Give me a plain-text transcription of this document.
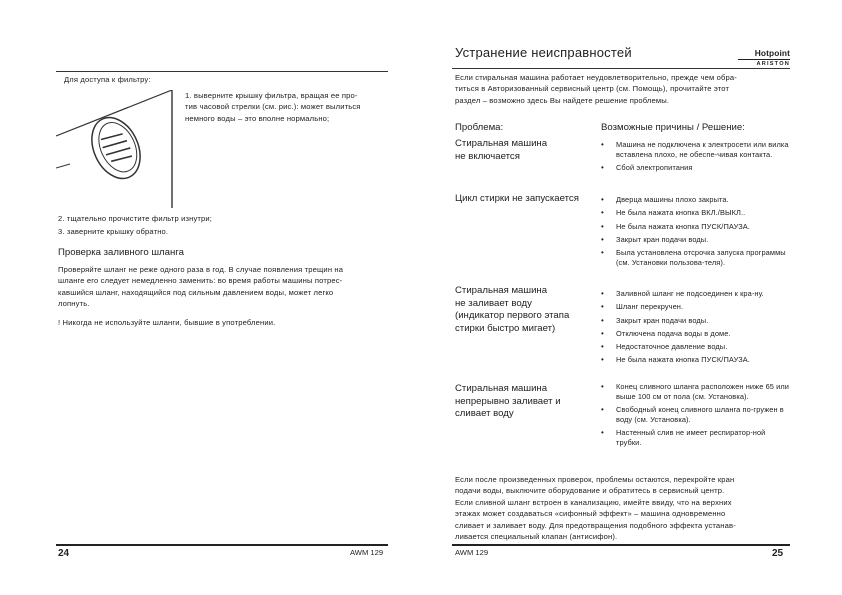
Для доступа к фильтру:
1. выверните крышку фильтра, вращая ее про-
тив часовой стрелки (см. рис.): может вылиться
немного воды – это вполне нормально;
2. тщательно прочистите фильтр изнутри;
3. заверните крышку обратно.
Проверка заливного шланга
Проверяйте шланг не реже одного раза в год. В случае появления трещин на
шланге его следует немедленно заменить: во время работы машины потрес-
кавшийся шланг, находящийся под сильным давлением воды, может легко
лопнуть.
! Никогда не используйте шланги, бывшие в употреблении.
24	AWM 129
Устранение неисправностей	Hotpoint
ARISTON
Если стиральная машина работает неудовлетворительно, прежде чем обра-
титься в Авторизованный сервисный центр (см. Помощь), прочитайте этот
раздел – возможно здесь Вы найдете решение проблемы.
Проблема:	Возможные причины / Решение:
Стиральная машина
не включается
• Машина не подключена к электросети или вилка вставлена плохо, не обеспе-чивая контакта.
• Сбой электропитания
Цикл стирки не запускается	• Дверца машины плохо закрыта.
• Не была нажата кнопка ВКЛ./ВЫКЛ..
• Не была нажата кнопка ПУСК/ПАУЗА.
• Закрыт кран подачи воды.
• Была установлена отсрочка запуска программы (см. Установки пользова-теля).
Стиральная машина
не заливает воду
(индикатор первого этапа
стирки быстро мигает)
• Заливной шланг не подсоединен к кра-ну.
• Шланг перекручен.
• Закрыт кран подачи воды.
• Отключена подача воды в доме.
• Недостаточное давление воды.
• Не была нажата кнопка ПУСК/ПАУЗА.
Стиральная машина
непрерывно заливает и
сливает воду
• Конец сливного шланга расположен ниже 65 или выше 100 см от пола (см. Установка).
• Свободный конец сливного шланга по-гружен в воду (см. Установка).
• Настенный слив не имеет респиратор-ной трубки.
Если после произведенных проверок, проблемы остаются, перекройте кран
подачи воды, выключите оборудование и обратитесь в сервисный центр.
Если сливной шланг встроен в канализацию, имейте ввиду, что на верхних
этажах может создаваться «сифонный эффект» – машина одновременно
сливает и заливает воду. Для предотвращения подобного эффекта устанав-
ливается специальный клапан (антисифон).
AWM 129	25
